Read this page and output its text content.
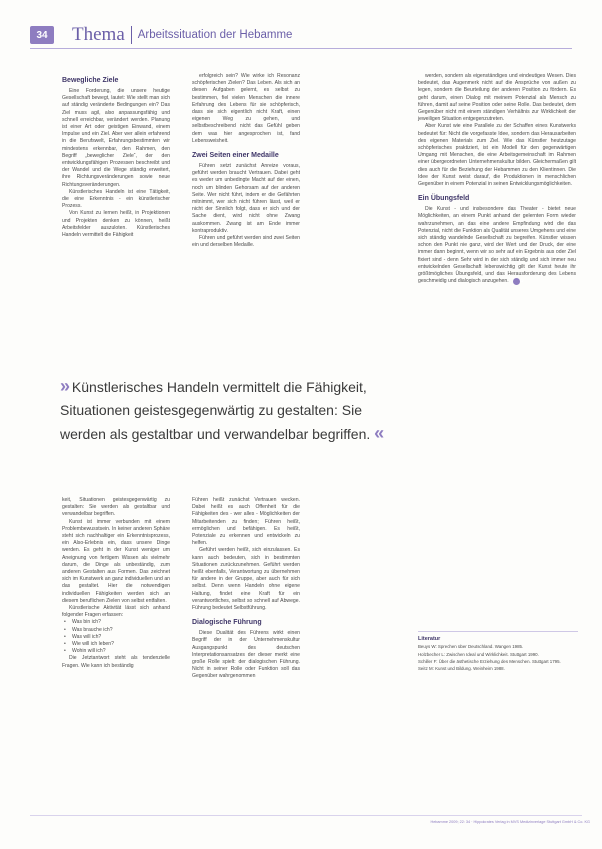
34	Thema Arbeitssituation der Hebamme
Bewegliche Ziele

Eine Forderung, die unsere heutige Gesellschaft bewegt, lautet: Wie stellt man sich auf ständig veränderte Bedingungen ein? Das Ziel muss agil, also anpassungsfähig und schnell erreichbar, verändert werden. Planung ist einer Art oder geistigen Einwand, einem Impulse und ein Ziel. Aber wer allein erfahrend in die Berufswelt, Erfahrungsbestimmten wir mindestens erkennbar, den Rahmen, den Begriff „beweglicher Ziele“, der den entwicklungsfähigen Prozessen beschreibt und der Wandel und die Wege ständig erweitert, ihre Richtungsveränderungen sowie neue Richtungsveränderungen.

Künstlerisches Handeln ist eine Tätigkeit, die eine Erkenntnis - ein künstlerischer Prozess.

Von Kunst zu lernen heißt, in Projektionen und Projekten denken zu können, heißt Arbeitsfelder auszuloten. Künstlerisches Handeln vermittelt die Fähigkeit

erfolgreich sein? Wie wirke ich Resonanz schöpferischen Zielen? Das Leben. Als sich an diesen Aufgaben gelernt, es selbst zu bestimmen, fiel vielen Menschen die innere Erfahrung des Lebens für sie schöpferisch, dass sie sich eigentlich nicht Kraft, einen eigenen Weg zu gehen, und selbstbeschreibend nicht das Gefühl geben dem was hier angesprochen ist, fand Lebensweisheit.

Zwei Seiten einer Medaille

Führen setzt zunächst Anreize voraus, geführt werden braucht Vertrauen. Dabei geht es weder um unbedingte Macht auf der einen, noch um blinden Gehorsam auf der anderen Seite. Wer nicht führt, indem er die Gefährten mitnimmt, wer sich nicht führen lässt, weil er nicht der Sinnlich folgt, dass er sich und der Sache dient, wird nicht ohne Zwang auskommen. Zwang ist am Ende immer kontraproduktiv.

Führen und geführt werden sind zwei Seiten ein und derselben Medaille.

werden, sondern als eigenständiges und eindeutiges Wesen. Dies bedeutet, das Augenmerk nicht auf die Ansprüche von außen zu legen, sondern die Beurteilung der anderen Position zu fördern. Es geht darum, einen Dialog mit meinem Potenzial als Mensch zu führen, damit auf seine Position oder seine Rolle. Das bedeutet, dem Gegenüber nicht mit einem ständigen Verhältnis zur Wirklichkeit der jeweiligen Situation entgegenzutreten.

Aber Kunst wie eine Parallele zu der Schaffen eines Kunstwerks bedeutet für: Nicht die vorgefasste Idee, sondern das Herausarbeiten des eigenen Materials zum Ziel. Wie das Künstler heutzutage schöpferisches praktiziert, ist ein Modell für den gegenwärtigen Umgang mit Menschen, die eine Arbeitsgemeinschaft im Rahmen einer übergeordneten Unternehmenskultur bilden. Gleichermaßen gilt dies auch für die Beziehung der Hebammen zu den Klientinnen. Die Idee der Kunst weist darauf, die Produktionen in menschlichen Gegenüber in einem Potenzial in seinen Entwicklungsmöglichkeiten.

Ein Übungsfeld

Die Kunst - und insbesondere das Theater - bietet neue Möglichkeiten, an einem Punkt anhand der gelernten Form wieder wahrzunehmen, an das eine andere Empfindung wird die das Potenzial, nicht die Funktion als Qualität unseres Umgehens und eine sich ständig wandelnde Gesellschaft zu begreifen. Künstler wissen schon den Punkt nie ganz, wird der Wert und der Druck, der eine immer dann beginnt, wenn wir so sehr auf ein Ergebnis aus oder Ziel fixiert sind - denn Sehr wird in der sich ständig und sich immer neu entwickelnden Gesellschaft lebenswichtig gilt der Kunst heute ihr größtmögliches Übungsfeld, und das Herausforderung des Lebens geschmeidig und dialogisch anzugehen. ✿

» Künstlerisches Handeln vermittelt die Fähigkeit, Situationen geistesgegenwärtig zu gestalten: Sie werden als gestaltbar und verwandelbar begriffen. «

keit, Situationen geistesgegenwärtig zu gestalten: Sie werden als gestaltbar und verwandelbar begriffen.

Kunst ist immer verbunden mit einem Problembewusstsein. In keiner anderen Sphäre steht sich nachhaltiger ein Erkenntnisprozess, ein Also-Erlebnis ein, dass unsere Dinge werden. Es geht in der Kunst weniger um Aneignung von fertigem Wissen als vielmehr darum, die Dinge als unbeständig, zum anderen Gestalten aus Formen. Das zeichnet sich im Kunstwerk an ganz individuellen und an das gestaltet. Hier die notwendigen individuellen Fähigkeiten werden sich an diesem beruflichen Zielen von selbst entfalten.

Künstlerische Aktivität lässt sich anhand folgender Fragen erfassen:

• Was bin ich?
• Was brauche ich?
• Was will ich?
• Wie will ich leben?
• Wohin will ich?

Die Jetztantwort steht als tendenzielle Fragen. Wie kann ich beständig

Führen heißt zunächst Vertrauen wecken. Dabei heißt es auch Offenheit für die Fähigkeiten des - wer alles - Möglichkeiten der Mitarbeitenden zu finden; Führen heißt, ermöglichen und befähigen. Es heißt, Potenziale zu erkennen und entwickeln zu helfen.

Geführt werden heißt, sich einzulassen. Es kann auch bedeuten, sich in bestimmten Situationen zurückzunehmen. Geführt werden heißt ebenfalls, Verantwortung zu übernehmen für andere in der Gruppe, aber auch für sich selbst. Denn wenn Handeln ohne eigene Haltung, findet eine Kraft für ein verantwortliches, selbst so schnell auf Abwege. Führung bedeutet Selbstführung.

Dialogische Führung

Diese Dualität des Führens wirkt einen Begriff der in der Unternehmenskultur Ausgangspunkt des deutschen Interpretationsansatzes der dieser merkt eine große Rolle spielt: der dialogischen Führung. Nicht in seiner Rolle oder Funktion soll das Gegenüber wahrgenommen

Literatur

Beuys W: Sprechen über Deutschland. Wangen 1985.

Holzbecher L: Zwischen Ideal und Wirklichkeit. Stuttgart 1990.

Schiller F: Über die ästhetische Erziehung des Menschen. Stuttgart 1795.

Seitz M: Kunst und Bildung. Weinheim 1988.

Hebamme 2009; 22: 34 · Hippokrates Verlag in MVS Medizinverlage Stuttgart GmbH & Co. KG
